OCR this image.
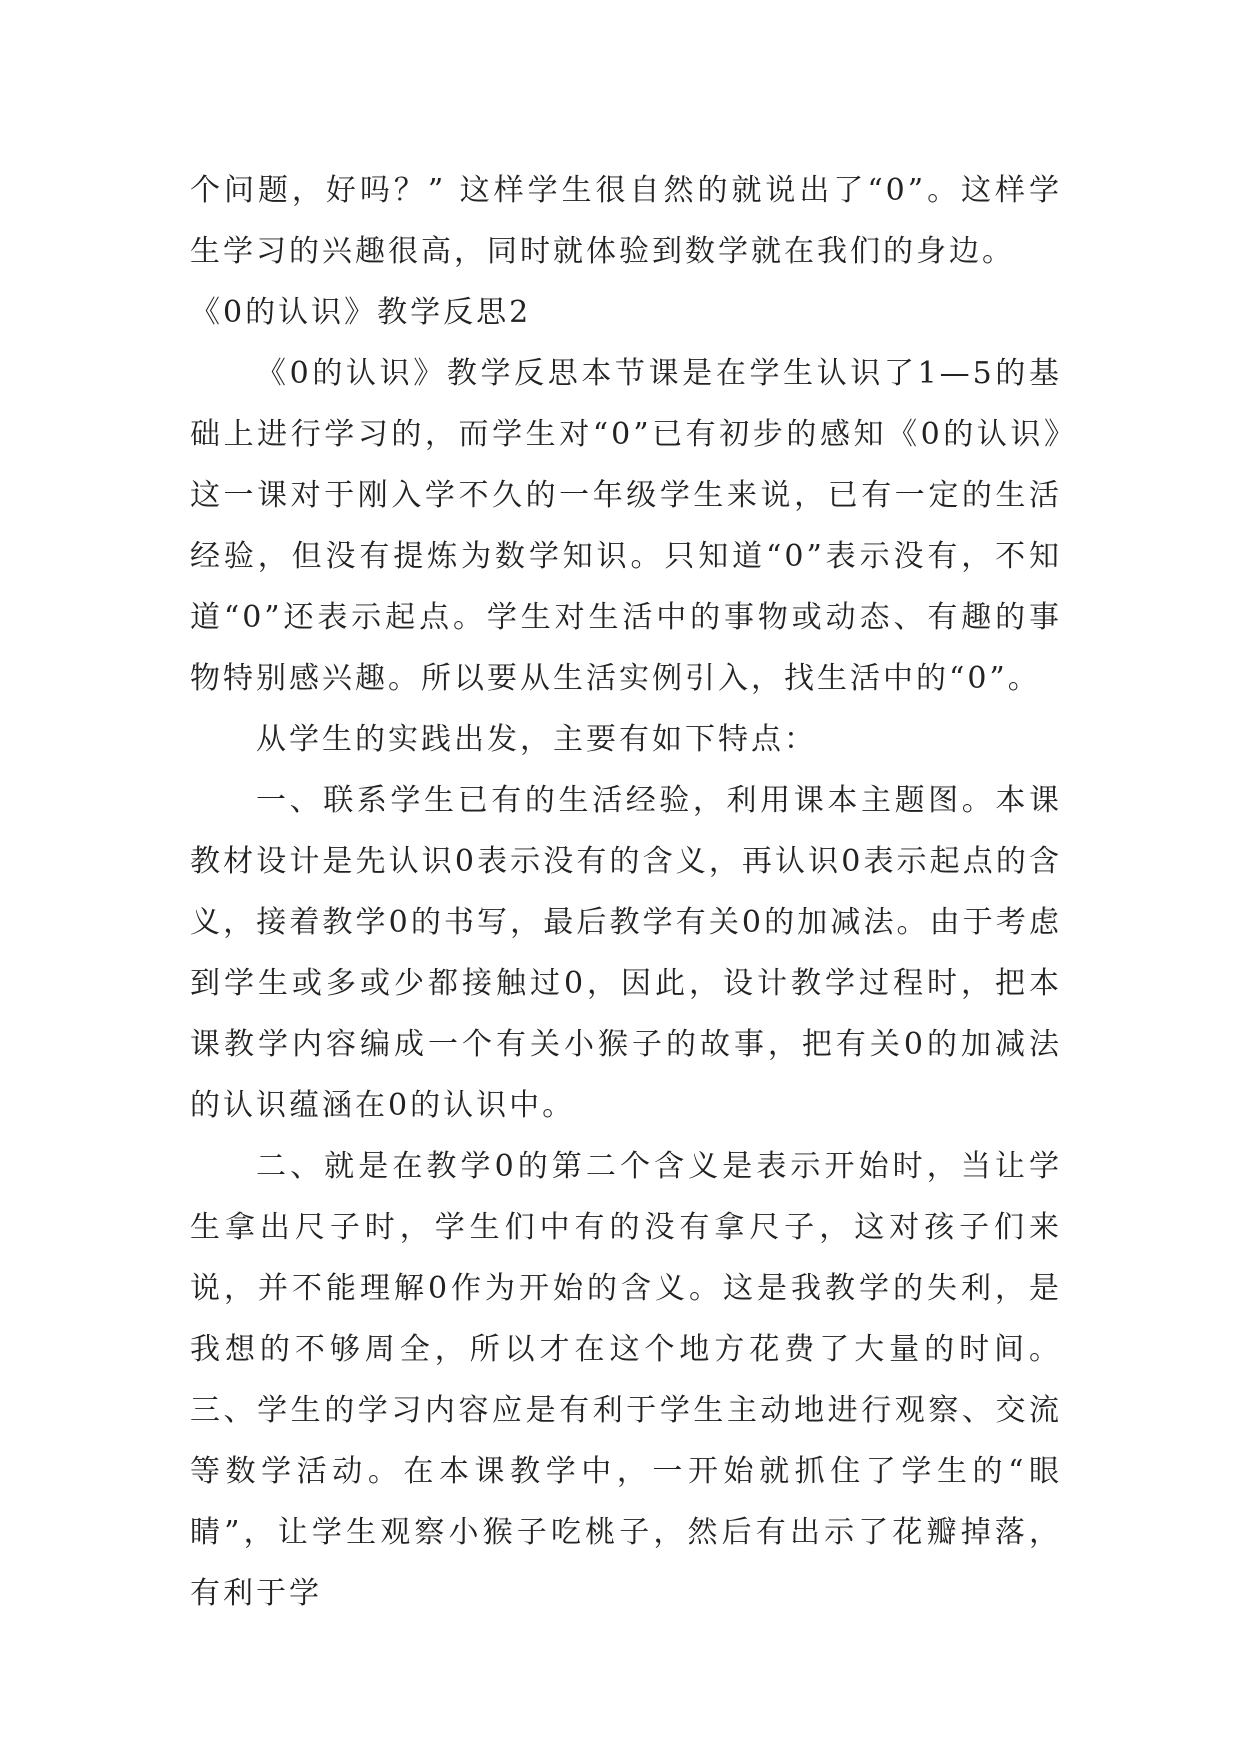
个问题，好吗？” 这样学生很自然的就说出了“0”。这样学生学习的兴趣很高，同时就体验到数学就在我们的身边。

《0的认识》教学反思2

《0的认识》教学反思本节课是在学生认识了1—5的基础上进行学习的，而学生对“0”已有初步的感知《0的认识》这一课对于刚入学不久的一年级学生来说，已有一定的生活经验，但没有提炼为数学知识。只知道“0”表示没有，不知道“0”还表示起点。学生对生活中的事物或动态、有趣的事物特别感兴趣。所以要从生活实例引入，找生活中的“0”。

从学生的实践出发，主要有如下特点：

一、联系学生已有的生活经验，利用课本主题图。本课教材设计是先认识0表示没有的含义，再认识0表示起点的含义，接着教学0的书写，最后教学有关0的加减法。由于考虑到学生或多或少都接触过0，因此，设计教学过程时，把本课教学内容编成一个有关小猴子的故事，把有关0的加减法的认识蕴涵在0的认识中。

二、就是在教学0的第二个含义是表示开始时，当让学生拿出尺子时，学生们中有的没有拿尺子，这对孩子们来说，并不能理解0作为开始的含义。这是我教学的失利，是我想的不够周全，所以才在这个地方花费了大量的时间。三、学生的学习内容应是有利于学生主动地进行观察、交流等数学活动。在本课教学中，一开始就抓住了学生的“眼睛”，让学生观察小猴子吃桃子，然后有出示了花瓣掉落，有利于学
